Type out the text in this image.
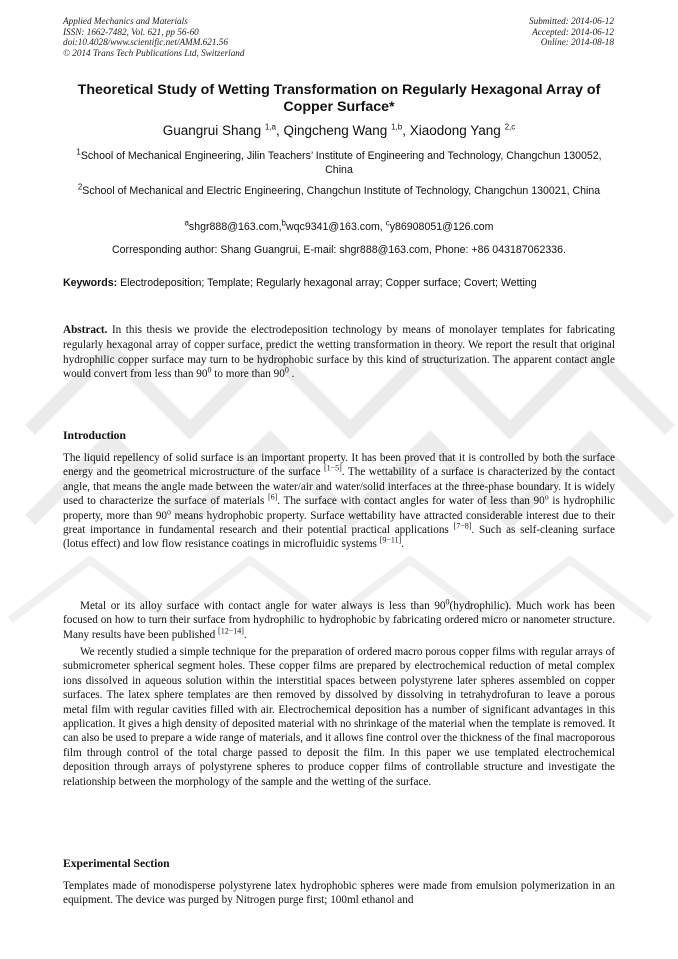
Applied Mechanics and Materials
ISSN: 1662-7482, Vol. 621, pp 56-60
doi:10.4028/www.scientific.net/AMM.621.56
© 2014 Trans Tech Publications Ltd, Switzerland
Submitted: 2014-06-12
Accepted: 2014-06-12
Online: 2014-08-18
Theoretical Study of Wetting Transformation on Regularly Hexagonal Array of Copper Surface*
Guangrui Shang $^{1,a}$, Qingcheng Wang $^{1,b}$, Xiaodong Yang $^{2,c}$
$^1$School of Mechanical Engineering, Jilin Teachers’ Institute of Engineering and Technology, Changchun 130052, China
$^2$School of Mechanical and Electric Engineering, Changchun Institute of Technology, Changchun 130021, China
$^a$shgr888@163.com,$^b$wqc9341@163.com, $^c$y86908051@126.com
Corresponding author: Shang Guangrui, E-mail: shgr888@163.com, Phone: +86 043187062336.
Keywords: Electrodeposition; Template; Regularly hexagonal array; Copper surface; Covert; Wetting
Abstract. In this thesis we provide the electrodeposition technology by means of monolayer templates for fabricating regularly hexagonal array of copper surface, predict the wetting transformation in theory. We report the result that original hydrophilic copper surface may turn to be hydrophobic surface by this kind of structurization. The apparent contact angle would convert from less than $90^0$ to more than $90^0$ .
Introduction
The liquid repellency of solid surface is an important property. It has been proved that it is controlled by both the surface energy and the geometrical microstructure of the surface [1−5]. The wettability of a surface is characterized by the contact angle, that means the angle made between the water/air and water/solid interfaces at the three-phase boundary. It is widely used to characterize the surface of materials [6]. The surface with contact angles for water of less than 90$^o$ is hydrophilic property, more than 90$^o$ means hydrophobic property. Surface wettability have attracted considerable interest due to their great importance in fundamental research and their potential practical applications [7−8]. Such as self-cleaning surface (lotus effect) and low flow resistance coatings in microfluidic systems [9−11].
Metal or its alloy surface with contact angle for water always is less than $90^0(hydrophilic)$. Much work has been focused on how to turn their surface from hydrophilic to hydrophobic by fabricating ordered micro or nanometer structure. Many results have been published [12−14].
We recently studied a simple technique for the preparation of ordered macro porous copper films with regular arrays of submicrometer spherical segment holes. These copper films are prepared by electrochemical reduction of metal complex ions dissolved in aqueous solution within the interstitial spaces between polystyrene later spheres assembled on copper surfaces. The latex sphere templates are then removed by dissolved by dissolving in tetrahydrofuran to leave a porous metal film with regular cavities filled with air. Electrochemical deposition has a number of significant advantages in this application. It gives a high density of deposited material with no shrinkage of the material when the template is removed. It can also be used to prepare a wide range of materials, and it allows fine control over the thickness of the final macroporous film through control of the total charge passed to deposit the film. In this paper we use templated electrochemical deposition through arrays of polystyrene spheres to produce copper films of controllable structure and investigate the relationship between the morphology of the sample and the wetting of the surface.
Experimental Section
Templates made of monodisperse polystyrene latex hydrophobic spheres were made from emulsion polymerization in an equipment. The device was purged by Nitrogen purge first; 100ml ethanol and
